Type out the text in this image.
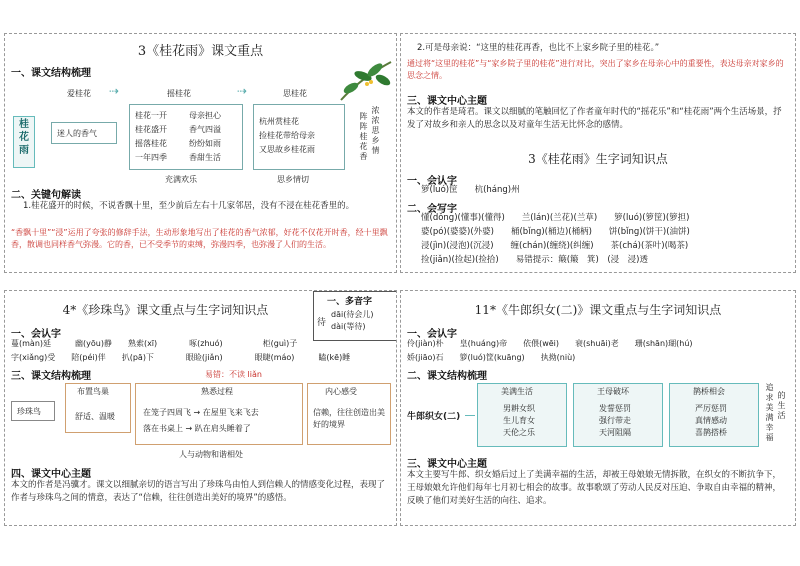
3《桂花雨》课文重点
一、课文结构梳理
桂
花
雨
爱桂花 ⇢	摇桂花	⇢	思桂花
迷人的香气
桂花一开
桂花盛开
摇落桂花
一年四季
母亲担心
香气四溢
纷纷如雨
香甜生活
杭州赏桂花
捡桂花带给母亲
又思故乡桂花雨
充满欢乐	思乡情切
阵
阵
桂
花
香
浓
浓
思
乡
情
二、关键句解读
1.桂花盛开的时候，不说香飘十里，至少前后左右十几家邻居，没有不浸在桂花香里的。
“香飘十里”“浸”运用了夸张的修辞手法，生动形象地写出了桂花的香气浓郁，好花不仅花开时香，经十里飘香，散调也同样香气弥漫。它的香，已不受季节的束缚，弥漫四季，也弥漫了人们的生活。
2.可是母亲说：“这里的桂花再香，也比不上家乡院子里的桂花。”
通过将“这里的桂花”与“家乡院子里的桂花”进行对比，突出了家乡在母亲心中的重要性，表达母亲对家乡的思念之情。
三、课文中心主题
本文的作者是琦君。课文以细腻的笔触回忆了作者童年时代的“摇花乐”和“桂花雨”两个生活场景，抒发了对故乡和亲人的思念以及对童年生活无比怀念的感情。
3《桂花雨》生字词知识点
一、会认字
箩(luó)筐　　杭(háng)州
二、会写字
懂(dǒng)(懂事)(懂得)　　兰(lán)(兰花)(兰草)　　箩(luó)(箩筐)(箩担)
婆(pó)(婆婆)(外婆)　　桶(bǐng)(桶边)(桶柄)　　饼(bǐng)(饼干)(油饼)
浸(jìn)(浸泡)(沉浸)　　缠(chán)(缠绕)(纠缠)　　茶(chá)(茶叶)(喝茶)
捡(jiǎn)(捡起)(捡拾)　　易错提示：簸(簸　箕)　(浸　浸)透
4*《珍珠鸟》课文重点与生字词知识点
一、多音字
待
dāi(待会儿)
dài(等待)
一、会认字
蔓(màn)延　　　幽(yōu)静　　熟索(xī)　　　　啄(zhuó)　　　　　柜(guì)子
字(xiǎng)受　　陪(péi)伴　　扒(pā)下　　　　眼睑(jiǎn)　　　　眼睫(máo)　　　瞌(kē)睡
三、课文结构梳理	易错：不读 liǎn
珍珠鸟
布置鸟巢
舒适、温暖
熟悉过程
在笼子四周飞 → 在屋里飞来飞去
落在书桌上 → 趴在肩头睡着了
内心感受
信赖，往往创造出美好的境界
人与动物和谐相处
四、课文中心主题
本文的作者是冯骥才。课文以细腻亲切的语言写出了珍珠鸟由怕人到信赖人的情感变化过程，表现了作者与珍珠鸟之间的情意，表达了“信赖，往往创造出美好的境界”的感悟。
11*《牛郎织女(二)》课文重点与生字词知识点
一、会认字
伶(jiàn)朴　　皇(huáng)帝　　依偎(wēi)　　衰(shuāi)老　　珊(shān)瑚(hú)
娇(jiāo)石　　箩(luó)筐(kuāng)　　执拗(niù)
二、课文结构梳理
牛郎织女(二)
美满生活
男耕女织
生儿育女
天伦之乐
王母破坏
发誓惩罚
强行带走
天河阻隔
鹊桥相会
严厉惩罚
真情感动
喜鹊搭桥
追
求
美
满
幸
福
的
生
活
三、课文中心主题
本文主要写牛郎、织女婚后过上了美满幸福的生活，却被王母娘娘无情拆散，在织女的不断抗争下，王母娘娘允许他们每年七月初七相会的故事。故事歌颂了劳动人民反对压迫、争取自由幸福的精神，反映了他们对美好生活的向往、追求。
